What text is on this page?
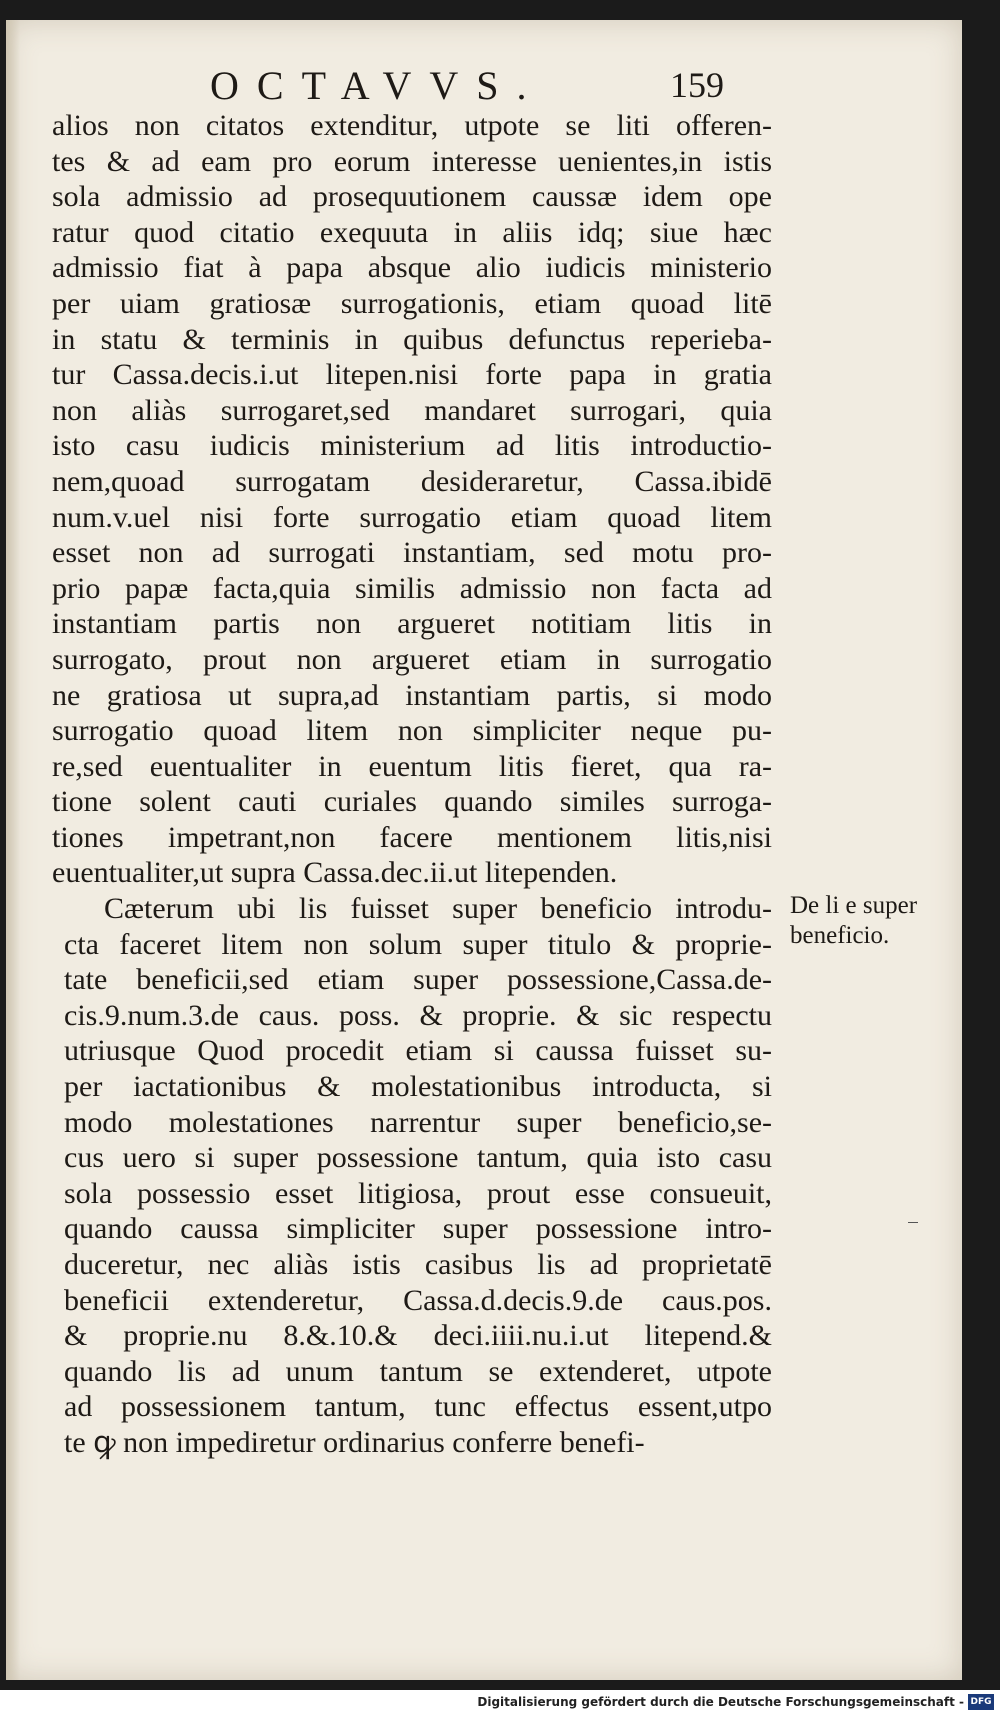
OCTAVVS.	159
alios non citatos extenditur, utpote se liti offeren-
tes & ad eam pro eorum interesse uenientes,in istis
sola admissio ad prosequutionem caussæ idem ope
ratur quod citatio exequuta in aliis idq; siue hæc
admissio fiat à papa absque alio iudicis ministerio
per uiam gratiosæ surrogationis, etiam quoad litē
in statu & terminis in quibus defunctus reperieba-
tur Cassa.decis.i.ut litepen.nisi forte papa in gratia
non aliàs surrogaret,sed mandaret surrogari, quia
isto casu iudicis ministerium ad litis introductio-
nem,quoad surrogatam desideraretur, Cassa.ibidē
num.v.uel nisi forte surrogatio etiam quoad litem
esset non ad surrogati instantiam, sed motu pro-
prio papæ facta,quia similis admissio non facta ad
instantiam partis non argueret notitiam litis in
surrogato, prout non argueret etiam in surrogatio
ne gratiosa ut supra,ad instantiam partis, si modo
surrogatio quoad litem non simpliciter neque pu-
re,sed euentualiter in euentum litis fieret, qua ra-
tione solent cauti curiales quando similes surroga-
tiones impetrant,non facere mentionem litis,nisi
euentualiter,ut supra Cassa.dec.ii.ut litependen.
Cæterum ubi lis fuisset super beneficio introdu-
cta faceret litem non solum super titulo & proprie-
tate beneficii,sed etiam super possessione,Cassa.de-
cis.9.num.3.de caus. poss. & proprie. & sic respectu
utriusque Quod procedit etiam si caussa fuisset su-
per iactationibus & molestationibus introducta, si
modo molestationes narrentur super beneficio,se-
cus uero si super possessione tantum, quia isto casu
sola possessio esset litigiosa, prout esse consueuit,
quando caussa simpliciter super possessione intro-
duceretur, nec aliàs istis casibus lis ad proprietatē
beneficii extenderetur, Cassa.d.decis.9.de caus.pos.
& proprie.nu 8.&.10.& deci.iiii.nu.i.ut litepend.&
quando lis ad unum tantum se extenderet, utpote
ad possessionem tantum, tunc effectus essent,utpo
te ꝙ non impediretur ordinarius conferre benefi-
De li e super
beneficio.
Digitalisierung gefördert durch die Deutsche Forschungsgemeinschaft - DFG
